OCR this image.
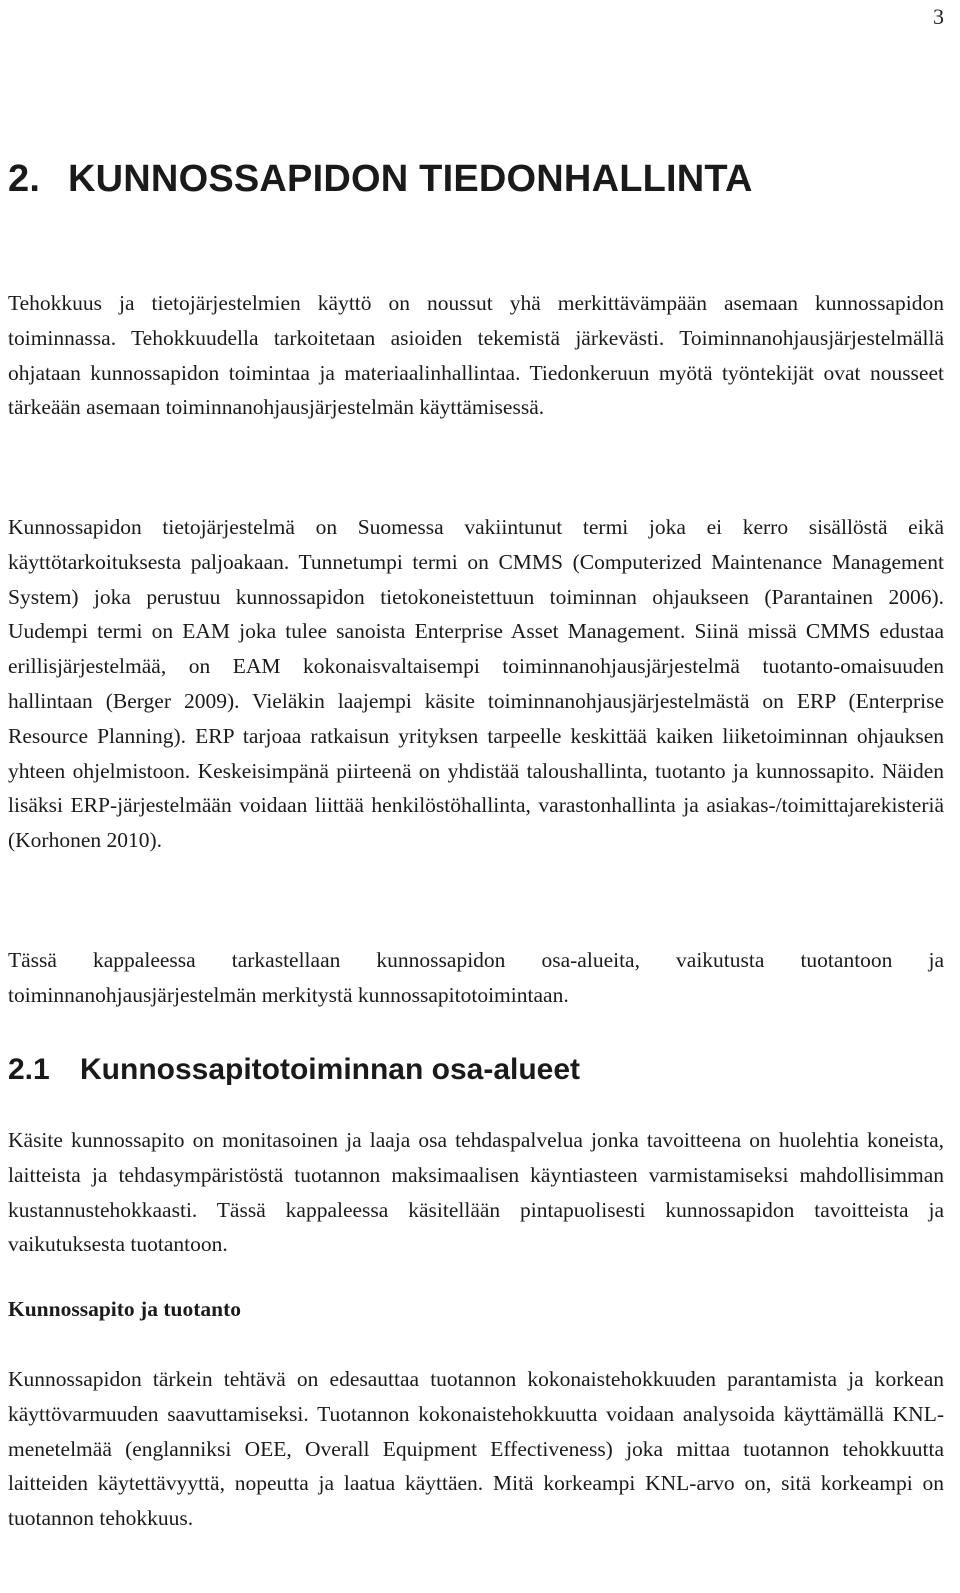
3
2. KUNNOSSAPIDON TIEDONHALLINTA

Tehokkuus ja tietojärjestelmien käyttö on noussut yhä merkittävämpään asemaan kunnossapidon toiminnassa. Tehokkuudella tarkoitetaan asioiden tekemistä järkevästi. Toiminnanohjausjärjestelmällä ohjataan kunnossapidon toimintaa ja materiaalinhallintaa. Tiedonkeruun myötä työntekijät ovat nousseet tärkeään asemaan toiminnanohjausjärjestelmän käyttämisessä.

Kunnossapidon tietojärjestelmä on Suomessa vakiintunut termi joka ei kerro sisällöstä eikä käyttötarkoituksesta paljoakaan. Tunnetumpi termi on CMMS (Computerized Maintenance Management System) joka perustuu kunnossapidon tietokoneistettuun toiminnan ohjaukseen (Parantainen 2006). Uudempi termi on EAM joka tulee sanoista Enterprise Asset Management. Siinä missä CMMS edustaa erillisjärjestelmää, on EAM kokonaisvaltaisempi toiminnanohjausjärjestelmä tuotanto-omaisuuden hallintaan (Berger 2009). Vieläkin laajempi käsite toiminnanohjausjärjestelmästä on ERP (Enterprise Resource Planning). ERP tarjoaa ratkaisun yrityksen tarpeelle keskittää kaiken liiketoiminnan ohjauksen yhteen ohjelmistoon. Keskeisimpänä piirteenä on yhdistää taloushallinta, tuotanto ja kunnossapito. Näiden lisäksi ERP-järjestelmään voidaan liittää henkilöstöhallinta, varastonhallinta ja asiakas-/toimittajarekisteriä (Korhonen 2010).

Tässä kappaleessa tarkastellaan kunnossapidon osa-alueita, vaikutusta tuotantoon ja toiminnanohjausjärjestelmän merkitystä kunnossapitotoimintaan.

2.1 Kunnossapitotoiminnan osa-alueet

Käsite kunnossapito on monitasoinen ja laaja osa tehdaspalvelua jonka tavoitteena on huolehtia koneista, laitteista ja tehdasympäristöstä tuotannon maksimaalisen käyntiasteen varmistamiseksi mahdollisimman kustannustehokkaasti. Tässä kappaleessa käsitellään pintapuolisesti kunnossapidon tavoitteista ja vaikutuksesta tuotantoon.

Kunnossapito ja tuotanto

Kunnossapidon tärkein tehtävä on edesauttaa tuotannon kokonaistehokkuuden parantamista ja korkean käyttövarmuuden saavuttamiseksi. Tuotannon kokonaistehokkuutta voidaan analysoida käyttämällä KNL-menetelmää (englanniksi OEE, Overall Equipment Effectiveness) joka mittaa tuotannon tehokkuutta laitteiden käytettävyyttä, nopeutta ja laatua käyttäen. Mitä korkeampi KNL-arvo on, sitä korkeampi on tuotannon tehokkuus.
